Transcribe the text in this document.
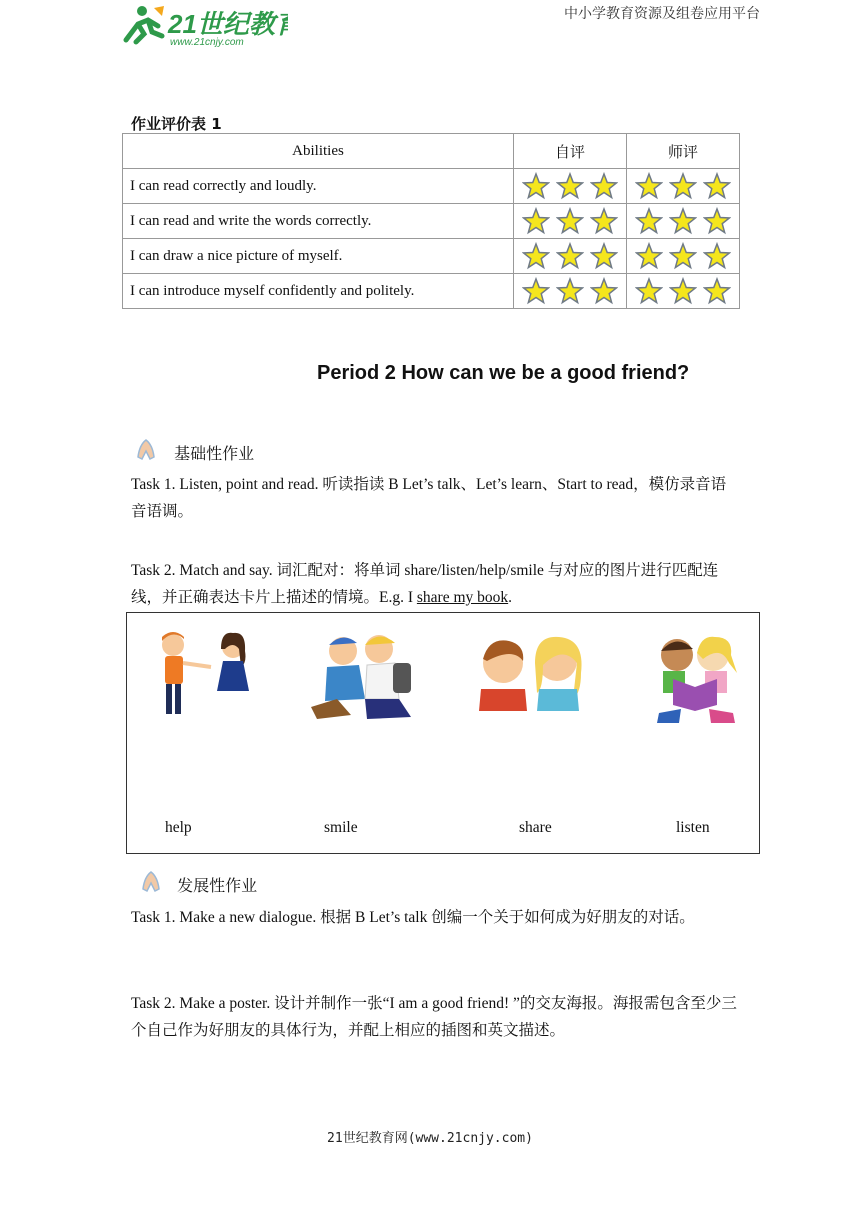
21世纪教育
www.21cnjy.com
中小学教育资源及组卷应用平台
作业评价表 1
Abilities	自评	师评
I can read correctly and loudly.	

I can read and write the words correctly.	

I can draw a nice picture of myself.	

I can introduce myself confidently and politely.	

Period 2 How can we be a good friend?
基础性作业
Task 1. Listen, point and read. 听读指读 B Let’s talk、Let’s learn、Start to read，模仿录音语音语调。
Task 2. Match and say. 词汇配对：将单词 share/listen/help/smile 与对应的图片进行匹配连线，并正确表达卡片上描述的情境。E.g. I share my book.
help	smile	share	listen
发展性作业
Task 1. Make a new dialogue. 根据 B Let’s talk 创编一个关于如何成为好朋友的对话。
Task 2. Make a poster. 设计并制作一张“I am a good friend! ”的交友海报。海报需包含至少三个自己作为好朋友的具体行为，并配上相应的插图和英文描述。
21世纪教育网(www.21cnjy.com)
